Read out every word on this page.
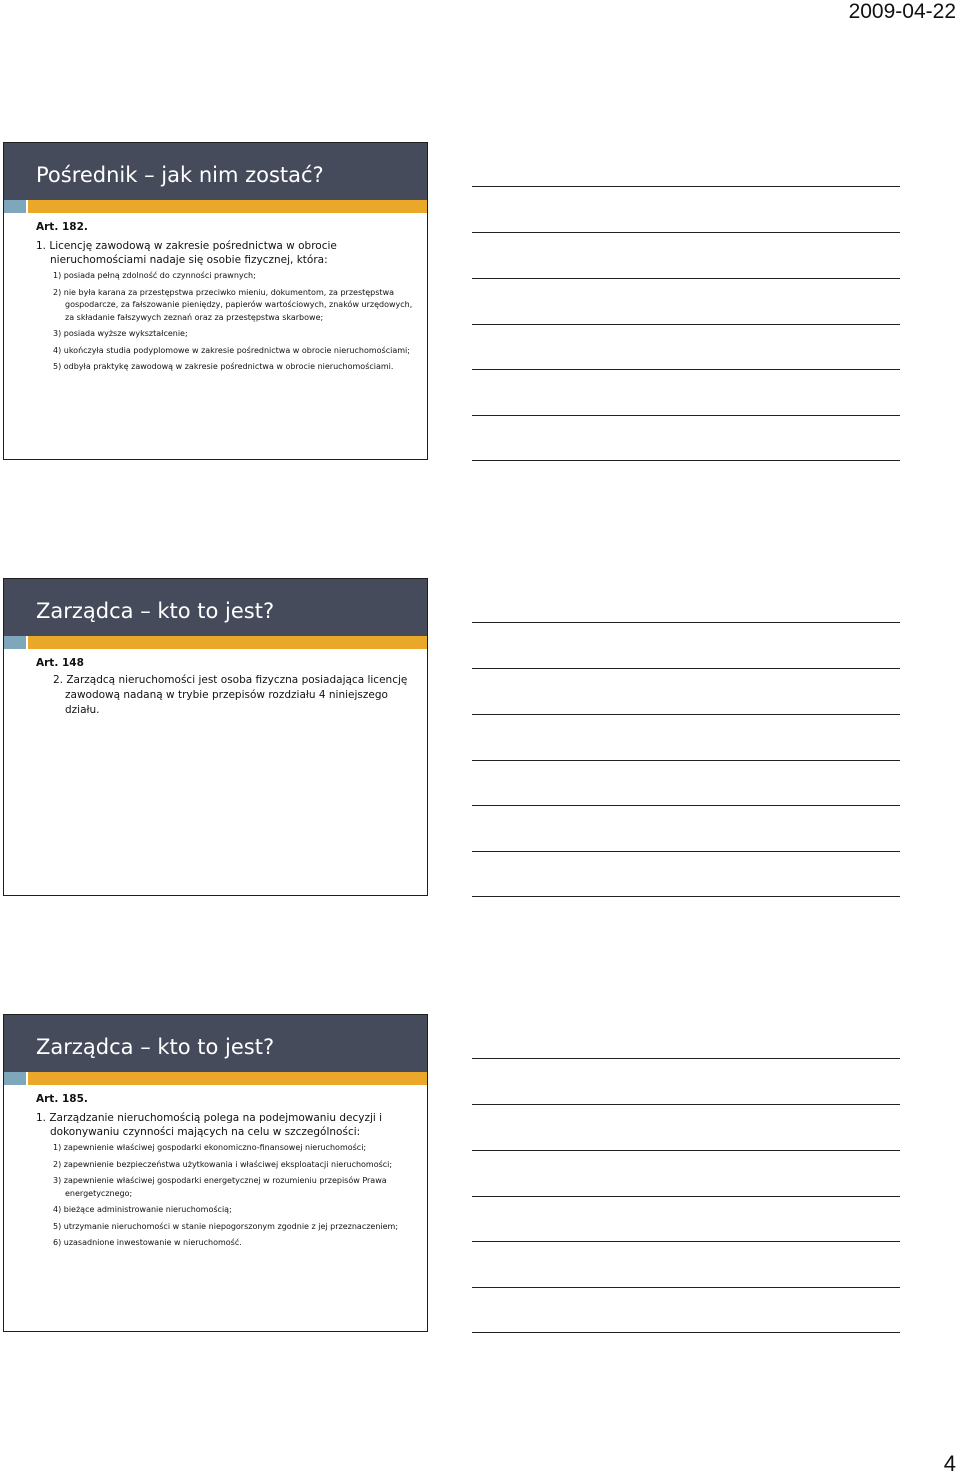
2009-04-22
Pośrednik – jak nim zostać?
Art. 182.
1. Licencję zawodową w zakresie pośrednictwa w obrocie nieruchomościami nadaje się osobie fizycznej, która:
1) posiada pełną zdolność do czynności prawnych;
2) nie była karana za przestępstwa przeciwko mieniu, dokumentom, za przestępstwa gospodarcze, za fałszowanie pieniędzy, papierów wartościowych, znaków urzędowych, za składanie fałszywych zeznań oraz za przestępstwa skarbowe;
3) posiada wyższe wykształcenie;
4) ukończyła studia podyplomowe w zakresie pośrednictwa w obrocie nieruchomościami;
5) odbyła praktykę zawodową w zakresie pośrednictwa w obrocie nieruchomościami.
Zarządca – kto to jest?
Art. 148
2. Zarządcą nieruchomości jest osoba fizyczna posiadająca licencję zawodową nadaną w trybie przepisów rozdziału 4 niniejszego działu.
Zarządca – kto to jest?
Art. 185.
1. Zarządzanie nieruchomością polega na podejmowaniu decyzji i dokonywaniu czynności mających na celu w szczególności:
1) zapewnienie właściwej gospodarki ekonomiczno-finansowej nieruchomości;
2) zapewnienie bezpieczeństwa użytkowania i właściwej eksploatacji nieruchomości;
3) zapewnienie właściwej gospodarki energetycznej w rozumieniu przepisów Prawa energetycznego;
4) bieżące administrowanie nieruchomością;
5) utrzymanie nieruchomości w stanie niepogorszonym zgodnie z jej przeznaczeniem;
6) uzasadnione inwestowanie w nieruchomość.
4
